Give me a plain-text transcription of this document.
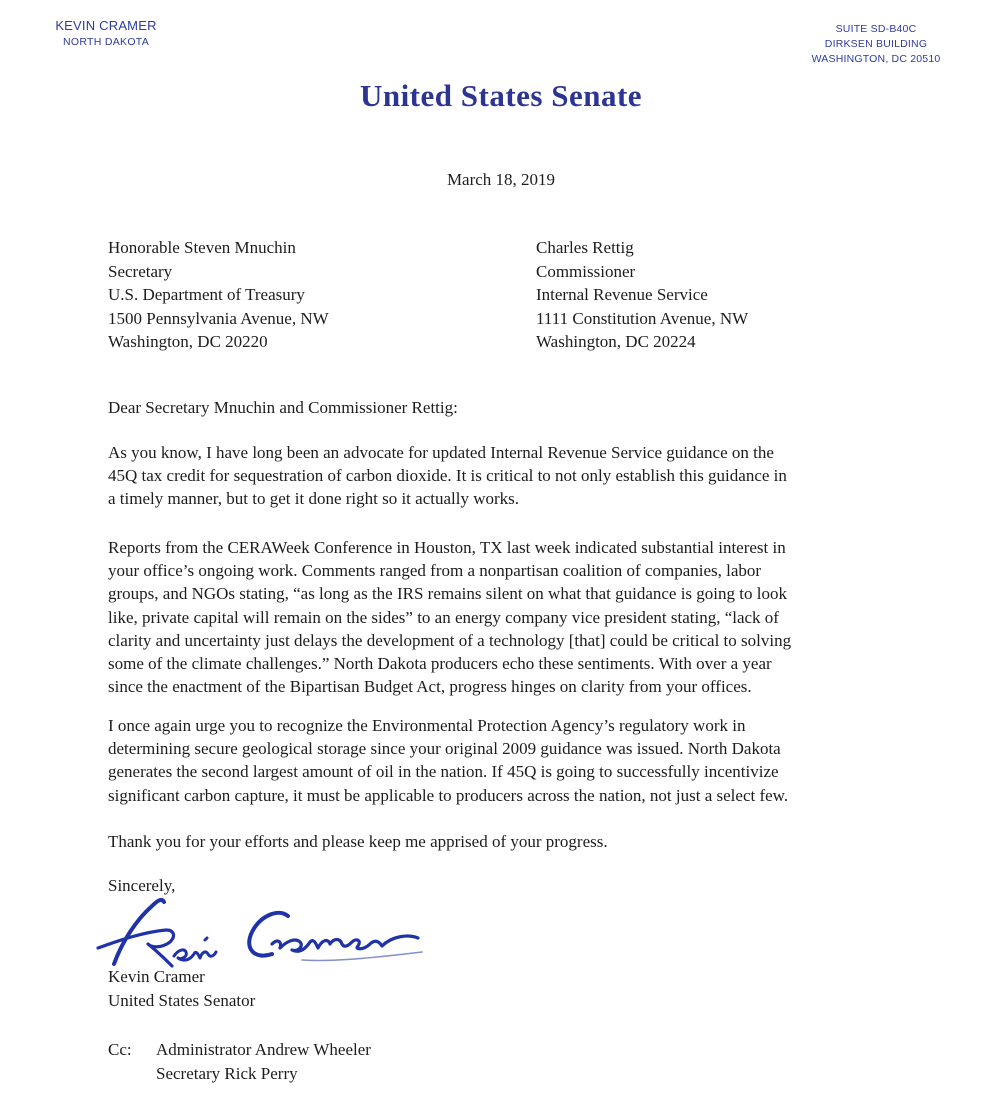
KEVIN CRAMER
NORTH DAKOTA
SUITE SD-B40C
DIRKSEN BUILDING
WASHINGTON, DC 20510
United States Senate
March 18, 2019
Honorable Steven Mnuchin
Secretary
U.S. Department of Treasury
1500 Pennsylvania Avenue, NW
Washington, DC 20220
Charles Rettig
Commissioner
Internal Revenue Service
1111 Constitution Avenue, NW
Washington, DC 20224
Dear Secretary Mnuchin and Commissioner Rettig:
As you know, I have long been an advocate for updated Internal Revenue Service guidance on the
45Q tax credit for sequestration of carbon dioxide. It is critical to not only establish this guidance in
a timely manner, but to get it done right so it actually works.
Reports from the CERAWeek Conference in Houston, TX last week indicated substantial interest in
your office’s ongoing work. Comments ranged from a nonpartisan coalition of companies, labor
groups, and NGOs stating, “as long as the IRS remains silent on what that guidance is going to look
like, private capital will remain on the sides” to an energy company vice president stating, “lack of
clarity and uncertainty just delays the development of a technology [that] could be critical to solving
some of the climate challenges.” North Dakota producers echo these sentiments. With over a year
since the enactment of the Bipartisan Budget Act, progress hinges on clarity from your offices.
I once again urge you to recognize the Environmental Protection Agency’s regulatory work in
determining secure geological storage since your original 2009 guidance was issued. North Dakota
generates the second largest amount of oil in the nation. If 45Q is going to successfully incentivize
significant carbon capture, it must be applicable to producers across the nation, not just a select few.
Thank you for your efforts and please keep me apprised of your progress.
Sincerely,
Kevin Cramer
United States Senator
Cc: Administrator Andrew Wheeler
Secretary Rick Perry
